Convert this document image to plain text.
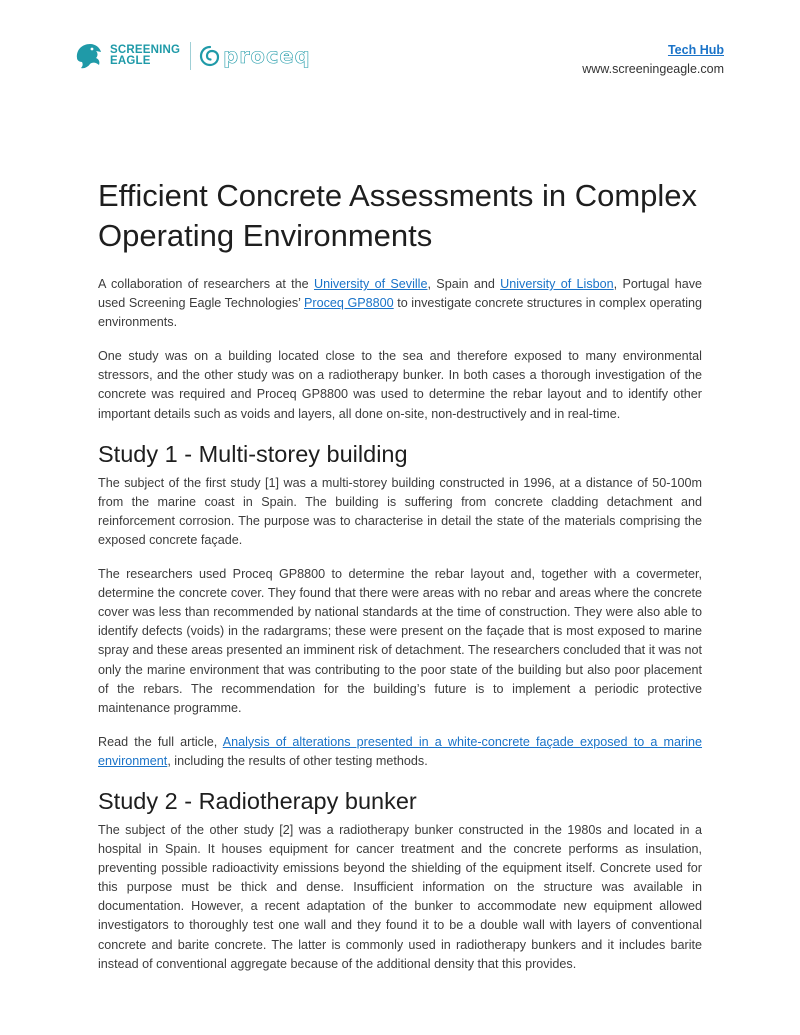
SCREENING
EAGLE	proceq	Tech Hub
www.screeningeagle.com
Efficient Concrete Assessments in Complex Operating Environments

A collaboration of researchers at the University of Seville, Spain and University of Lisbon, Portugal have used Screening Eagle Technologies’ Proceq GP8800 to investigate concrete structures in complex operating environments.

One study was on a building located close to the sea and therefore exposed to many environmental stressors, and the other study was on a radiotherapy bunker. In both cases a thorough investigation of the concrete was required and Proceq GP8800 was used to determine the rebar layout and to identify other important details such as voids and layers, all done on-site, non-destructively and in real-time.

Study 1 - Multi-storey building

The subject of the first study [1] was a multi-storey building constructed in 1996, at a distance of 50-100m from the marine coast in Spain. The building is suffering from concrete cladding detachment and reinforcement corrosion. The purpose was to characterise in detail the state of the materials comprising the exposed concrete façade.

The researchers used Proceq GP8800 to determine the rebar layout and, together with a covermeter, determine the concrete cover. They found that there were areas with no rebar and areas where the concrete cover was less than recommended by national standards at the time of construction. They were also able to identify defects (voids) in the radargrams; these were present on the façade that is most exposed to marine spray and these areas presented an imminent risk of detachment. The researchers concluded that it was not only the marine environment that was contributing to the poor state of the building but also poor placement of the rebars. The recommendation for the building’s future is to implement a periodic protective maintenance programme.

Read the full article, Analysis of alterations presented in a white-concrete façade exposed to a marine environment, including the results of other testing methods.

Study 2 - Radiotherapy bunker

The subject of the other study [2] was a radiotherapy bunker constructed in the 1980s and located in a hospital in Spain. It houses equipment for cancer treatment and the concrete performs as insulation, preventing possible radioactivity emissions beyond the shielding of the equipment itself. Concrete used for this purpose must be thick and dense. Insufficient information on the structure was available in documentation. However, a recent adaptation of the bunker to accommodate new equipment allowed investigators to thoroughly test one wall and they found it to be a double wall with layers of conventional concrete and barite concrete. The latter is commonly used in radiotherapy bunkers and it includes barite instead of conventional aggregate because of the additional density that this provides.
